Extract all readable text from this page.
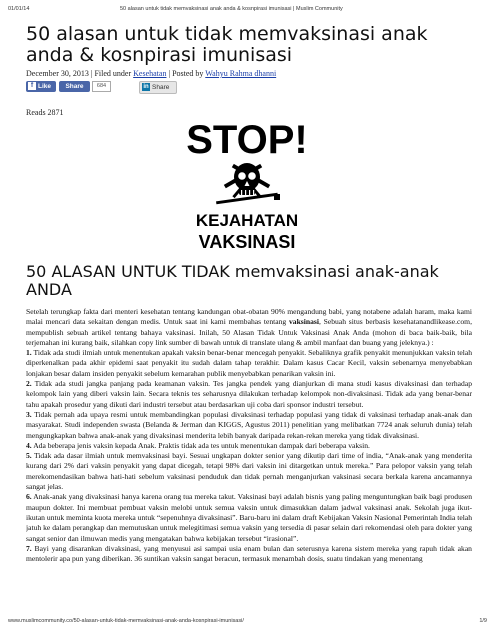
01/01/14	50 alasan untuk tidak memvaksinasi anak anda & kosnpirasi imunisasi | Muslim Community
50 alasan untuk tidak memvaksinasi anak anda & kosnpirasi imunisasi
December 30, 2013 | Filed under Kesehatan | Posted by Wahyu Rahma dhanni
f Like	Share	684	in Share
Reads 2871
STOP!
KEJAHATAN
VAKSINASI
50 ALASAN UNTUK TIDAK memvaksinasi anak-anak ANDA

Setelah terungkap fakta dari menteri kesehatan tentang kandungan obat-obatan 90% mengandung babi, yang notabene adalah haram, maka kami malai mencari data sekaitan dengan medis. Untuk saat ini kami membahas tentang vaksinasi, Sebuah situs berbasis kesehatanandlikease.com, mempublish sebuah artikel tentang bahaya vaksinasi. Inilah, 50 Alasan Tidak Untuk Vaksinasi Anak Anda (mohon di baca baik-baik, bila terjemahan ini kurang baik, silahkan copy link sumber di bawah untuk di translate ulang & ambil manfaat dan buang yang jeleknya.) :

1. Tidak ada studi ilmiah untuk menentukan apakah vaksin benar-benar mencegah penyakit. Sebaliknya grafik penyakit menunjukkan vaksin telah diperkenalkan pada akhir epidemi saat penyakit itu sudah dalam tahap terakhir. Dalam kasus Cacar Kecil, vaksin sebenarnya menyebabkan lonjakan besar dalam insiden penyakit sebelum kemarahan publik menyebabkan penarikan vaksin ini.

2. Tidak ada studi jangka panjang pada keamanan vaksin. Tes jangka pendek yang dianjurkan di mana studi kasus divaksinasi dan terhadap kelompok lain yang diberi vaksin lain. Secara teknis tes seharusnya dilakukan terhadap kelompok non-divaksinasi. Tidak ada yang benar-benar tahu apakah prosedur yang dikuti dari industri tersebut atau berdasarkan uji coba dari sponsor industri tersebut.

3. Tidak pernah ada upaya resmi untuk membandingkan populasi divaksinasi terhadap populasi yang tidak di vaksinasi terhadap anak-anak dan masyarakat. Studi independen swasta (Belanda & Jerman dan KIGGS, Agustus 2011) penelitian yang melibatkan 7724 anak seluruh dunia) telah mengungkapkan bahwa anak-anak yang divaksinasi menderita lebih banyak daripada rekan-rekan mereka yang tidak divaksinasi.

4. Ada beberapa jenis vaksin kepada Anak. Praktis tidak ada tes untuk menentukan dampak dari beberapa vaksin.

5. Tidak ada dasar ilmiah untuk memvaksinasi bayi. Sesuai ungkapan dokter senior yang dikutip dari time of india, “Anak-anak yang menderita kurang dari 2% dari vaksin penyakit yang dapat dicegah, tetapi 98% dari vaksin ini ditargetkan untuk mereka.” Para pelopor vaksin yang telah merekomendasikan bahwa hati-hati sebelum vaksinasi penduduk dan tidak pernah menganjurkan vaksinasi secara berkala karena ancamannya sangat jelas.

6. Anak-anak yang divaksinasi hanya karena orang tua mereka takut. Vaksinasi bayi adalah bisnis yang paling menguntungkan baik bagi produsen maupun dokter. Ini membuat pembuat vaksin melobi untuk semua vaksin untuk dimasukkan dalam jadwal vaksinasi anak. Sekolah juga ikut-ikutan untuk meminta kuota mereka untuk “sepenuhnya divaksinasi”. Baru-baru ini dalam draft Kebijakan Vaksin Nasional Pemerintah India telah jatuh ke dalam perangkap dan memutuskan untuk melegitimasi semua vaksin yang tersedia di pasar selain dari rekomendasi oleh para dokter yang sangat senior dan ilmuwan medis yang mengatakan bahwa kebijakan tersebut “irasional”.

7. Bayi yang disarankan divaksinasi, yang menyusui asi sampai usia enam bulan dan seterusnya karena sistem mereka yang rapuh tidak akan mentolerir apa pun yang diberikan. 36 suntikan vaksin sangat beracun, termasuk menambah dosis, suatu tindakan yang menentang

www.muslimcommunity.co/50-alasan-untuk-tidak-memvaksinasi-anak-anda-kosnpirasi-imunisasi/	1/9
